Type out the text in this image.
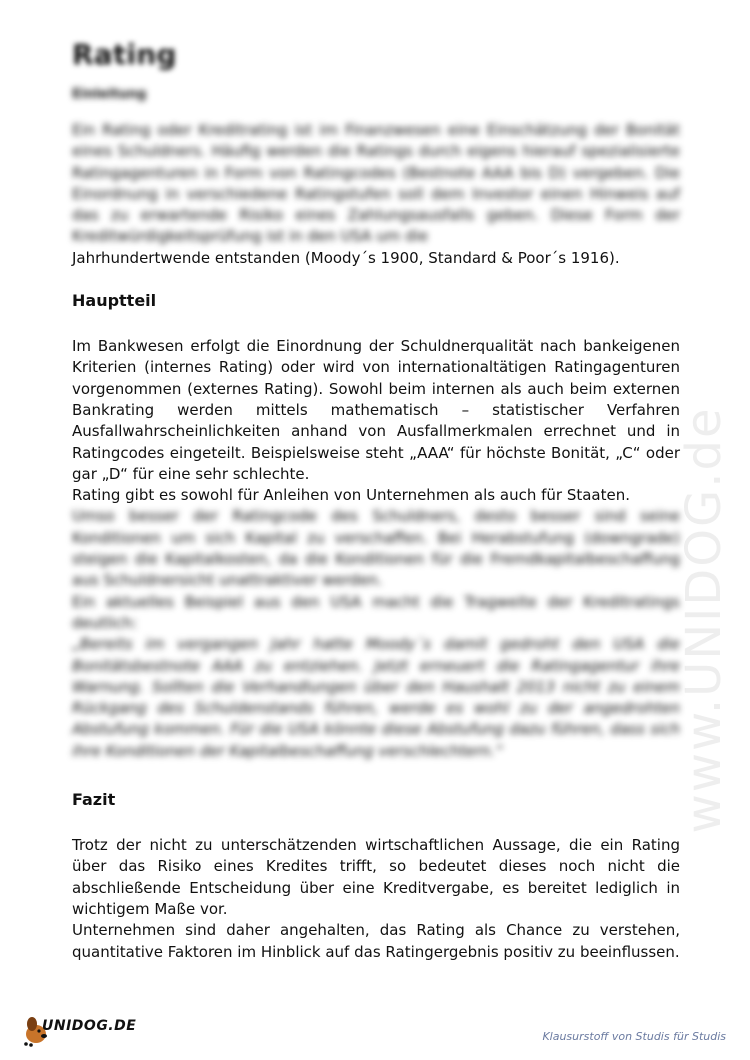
www.UNIDOG.de
Rating
Einleitung

Ein Rating oder Kreditrating ist im Finanzwesen eine Einschätzung der Bonität eines Schuldners. Häufig werden die Ratings durch eigens hierauf spezialisierte Ratingagenturen in Form von Ratingcodes (Bestnote AAA bis D) vergeben. Die Einordnung in verschiedene Ratingstufen soll dem Investor einen Hinweis auf das zu erwartende Risiko eines Zahlungsausfalls geben. Diese Form der Kreditwürdigkeitsprüfung ist in den USA um die

Jahrhundertwende entstanden (Moody´s 1900, Standard & Poor´s 1916).

Hauptteil

Im Bankwesen erfolgt die Einordnung der Schuldnerqualität nach bankeigenen Kriterien (internes Rating) oder wird von internationaltätigen Ratingagenturen vorgenommen (externes Rating). Sowohl beim internen als auch beim externen Bankrating werden mittels mathematisch – statistischer Verfahren Ausfallwahrscheinlichkeiten anhand von Ausfallmerkmalen errechnet und in Ratingcodes eingeteilt. Beispielsweise steht „AAA“ für höchste Bonität, „C“ oder gar „D“ für eine sehr schlechte.

Rating gibt es sowohl für Anleihen von Unternehmen als auch für Staaten.

Umso besser der Ratingcode des Schuldners, desto besser sind seine Konditionen um sich Kapital zu verschaffen. Bei Herabstufung (downgrade) steigen die Kapitalkosten, da die Konditionen für die Fremdkapitalbeschaffung aus Schuldnersicht unattraktiver werden.

Ein aktuelles Beispiel aus den USA macht die Tragweite der Kreditratings deutlich:

„Bereits im vergangen Jahr hatte Moody´s damit gedroht den USA die Bonitätsbestnote AAA zu entziehen. Jetzt erneuert die Ratingagentur ihre Warnung. Sollten die Verhandlungen über den Haushalt 2013 nicht zu einem Rückgang des Schuldenstands führen, werde es wohl zu der angedrohten Abstufung kommen. Für die USA könnte diese Abstufung dazu führen, dass sich ihre Konditionen der Kapitalbeschaffung verschlechtern.“

Fazit

Trotz der nicht zu unterschätzenden wirtschaftlichen Aussage, die ein Rating über das Risiko eines Kredites trifft, so bedeutet dieses noch nicht die abschließende Entscheidung über eine Kreditvergabe, es bereitet lediglich in wichtigem Maße vor.

Unternehmen sind daher angehalten, das Rating als Chance zu verstehen, quantitative Faktoren im Hinblick auf das Ratingergebnis positiv zu beeinflussen.

UNIDOG.DE
Klausurstoff von Studis für Studis
